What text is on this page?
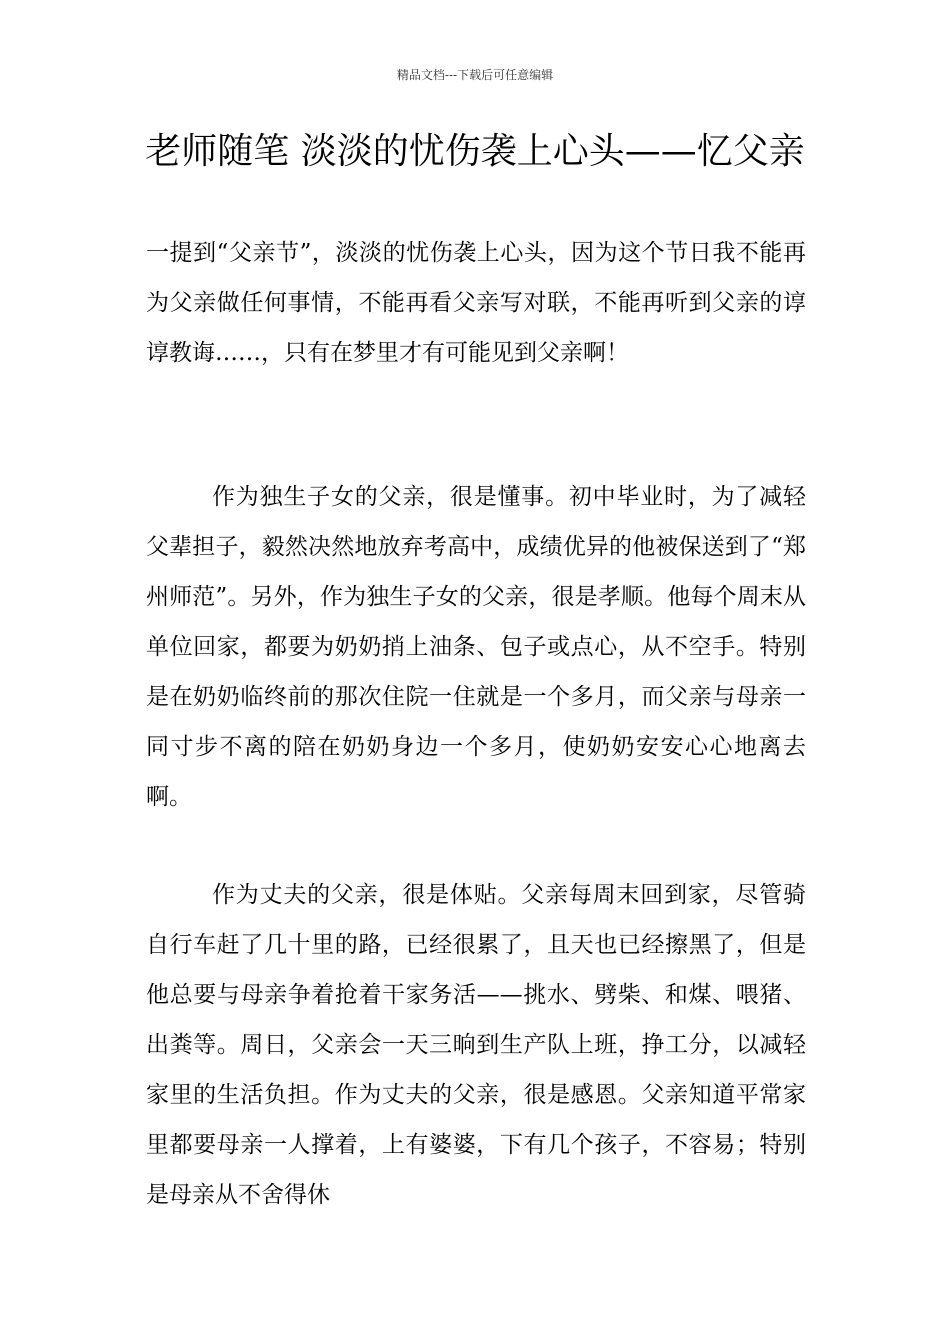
精品文档---下载后可任意编辑
老师随笔 淡淡的忧伤袭上心头——忆父亲

一提到“父亲节”，淡淡的忧伤袭上心头，因为这个节日我不能再为父亲做任何事情，不能再看父亲写对联，不能再听到父亲的谆谆教诲……，只有在梦里才有可能见到父亲啊！

作为独生子女的父亲，很是懂事。初中毕业时，为了减轻父辈担子，毅然决然地放弃考高中，成绩优异的他被保送到了“郑州师范”。另外，作为独生子女的父亲，很是孝顺。他每个周末从单位回家，都要为奶奶捎上油条、包子或点心，从不空手。特别是在奶奶临终前的那次住院一住就是一个多月，而父亲与母亲一同寸步不离的陪在奶奶身边一个多月，使奶奶安安心心地离去啊。

作为丈夫的父亲，很是体贴。父亲每周末回到家，尽管骑自行车赶了几十里的路，已经很累了，且天也已经擦黑了，但是他总要与母亲争着抢着干家务活——挑水、劈柴、和煤、喂猪、出粪等。周日，父亲会一天三晌到生产队上班，挣工分，以减轻家里的生活负担。作为丈夫的父亲，很是感恩。父亲知道平常家里都要母亲一人撑着，上有婆婆，下有几个孩子，不容易；特别是母亲从不舍得休
